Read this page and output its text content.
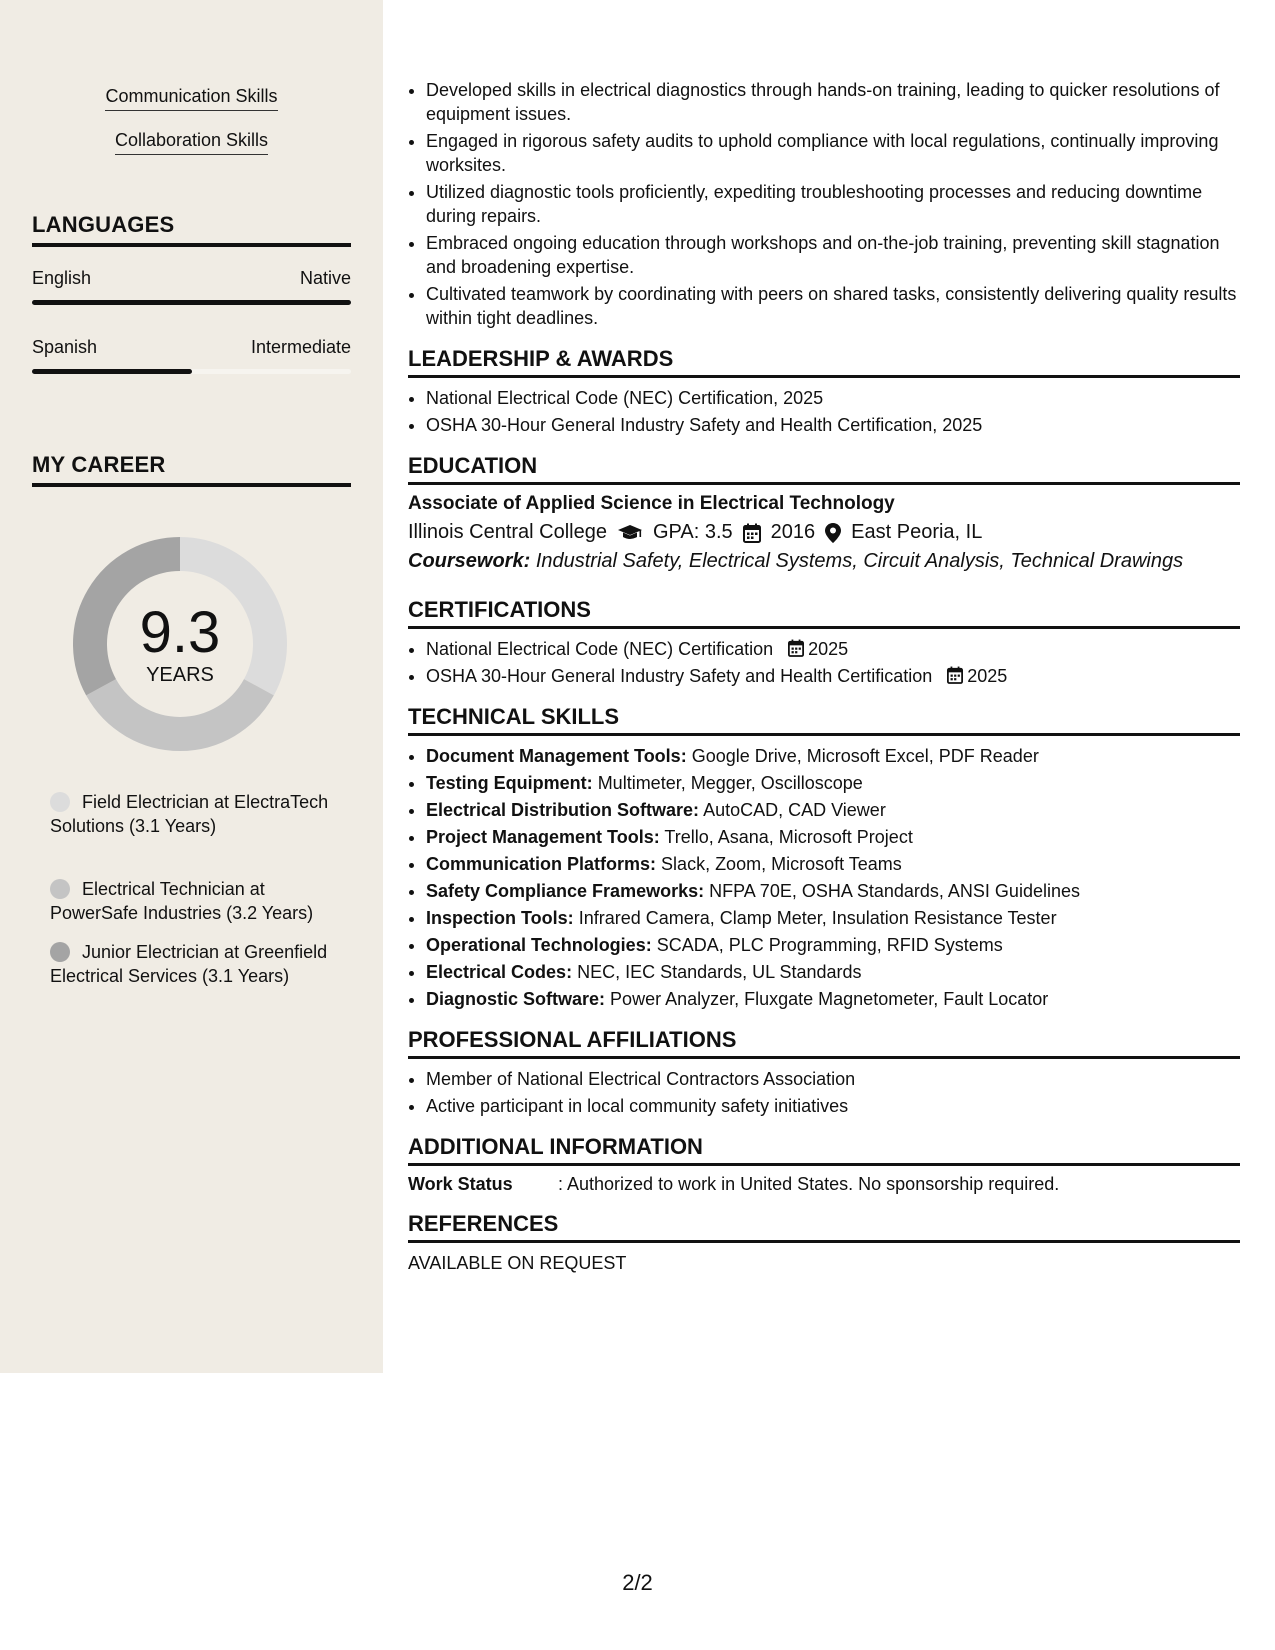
Communication Skills
Collaboration Skills
LANGUAGES
English	Native
Spanish	Intermediate
MY CAREER
9.3
YEARS
Field Electrician at ElectraTech Solutions (3.1 Years)
Electrical Technician at PowerSafe Industries (3.2 Years)
Junior Electrician at Greenfield Electrical Services (3.1 Years)
• Developed skills in electrical diagnostics through hands-on training, leading to quicker resolutions of equipment issues.
• Engaged in rigorous safety audits to uphold compliance with local regulations, continually improving worksites.
• Utilized diagnostic tools proficiently, expediting troubleshooting processes and reducing downtime during repairs.
• Embraced ongoing education through workshops and on-the-job training, preventing skill stagnation and broadening expertise.
• Cultivated teamwork by coordinating with peers on shared tasks, consistently delivering quality results within tight deadlines.
LEADERSHIP & AWARDS
• National Electrical Code (NEC) Certification, 2025
• OSHA 30-Hour General Industry Safety and Health Certification, 2025
EDUCATION
Associate of Applied Science in Electrical Technology
Illinois Central College GPA: 3.5 2016 East Peoria, IL
Coursework: Industrial Safety, Electrical Systems, Circuit Analysis, Technical Drawings
CERTIFICATIONS
• National Electrical Code (NEC) Certification 2025
• OSHA 30-Hour General Industry Safety and Health Certification 2025
TECHNICAL SKILLS
• Document Management Tools: Google Drive, Microsoft Excel, PDF Reader
• Testing Equipment: Multimeter, Megger, Oscilloscope
• Electrical Distribution Software: AutoCAD, CAD Viewer
• Project Management Tools: Trello, Asana, Microsoft Project
• Communication Platforms: Slack, Zoom, Microsoft Teams
• Safety Compliance Frameworks: NFPA 70E, OSHA Standards, ANSI Guidelines
• Inspection Tools: Infrared Camera, Clamp Meter, Insulation Resistance Tester
• Operational Technologies: SCADA, PLC Programming, RFID Systems
• Electrical Codes: NEC, IEC Standards, UL Standards
• Diagnostic Software: Power Analyzer, Fluxgate Magnetometer, Fault Locator
PROFESSIONAL AFFILIATIONS
• Member of National Electrical Contractors Association
• Active participant in local community safety initiatives
ADDITIONAL INFORMATION
Work Status	: Authorized to work in United States. No sponsorship required.
REFERENCES
AVAILABLE ON REQUEST
2/2
